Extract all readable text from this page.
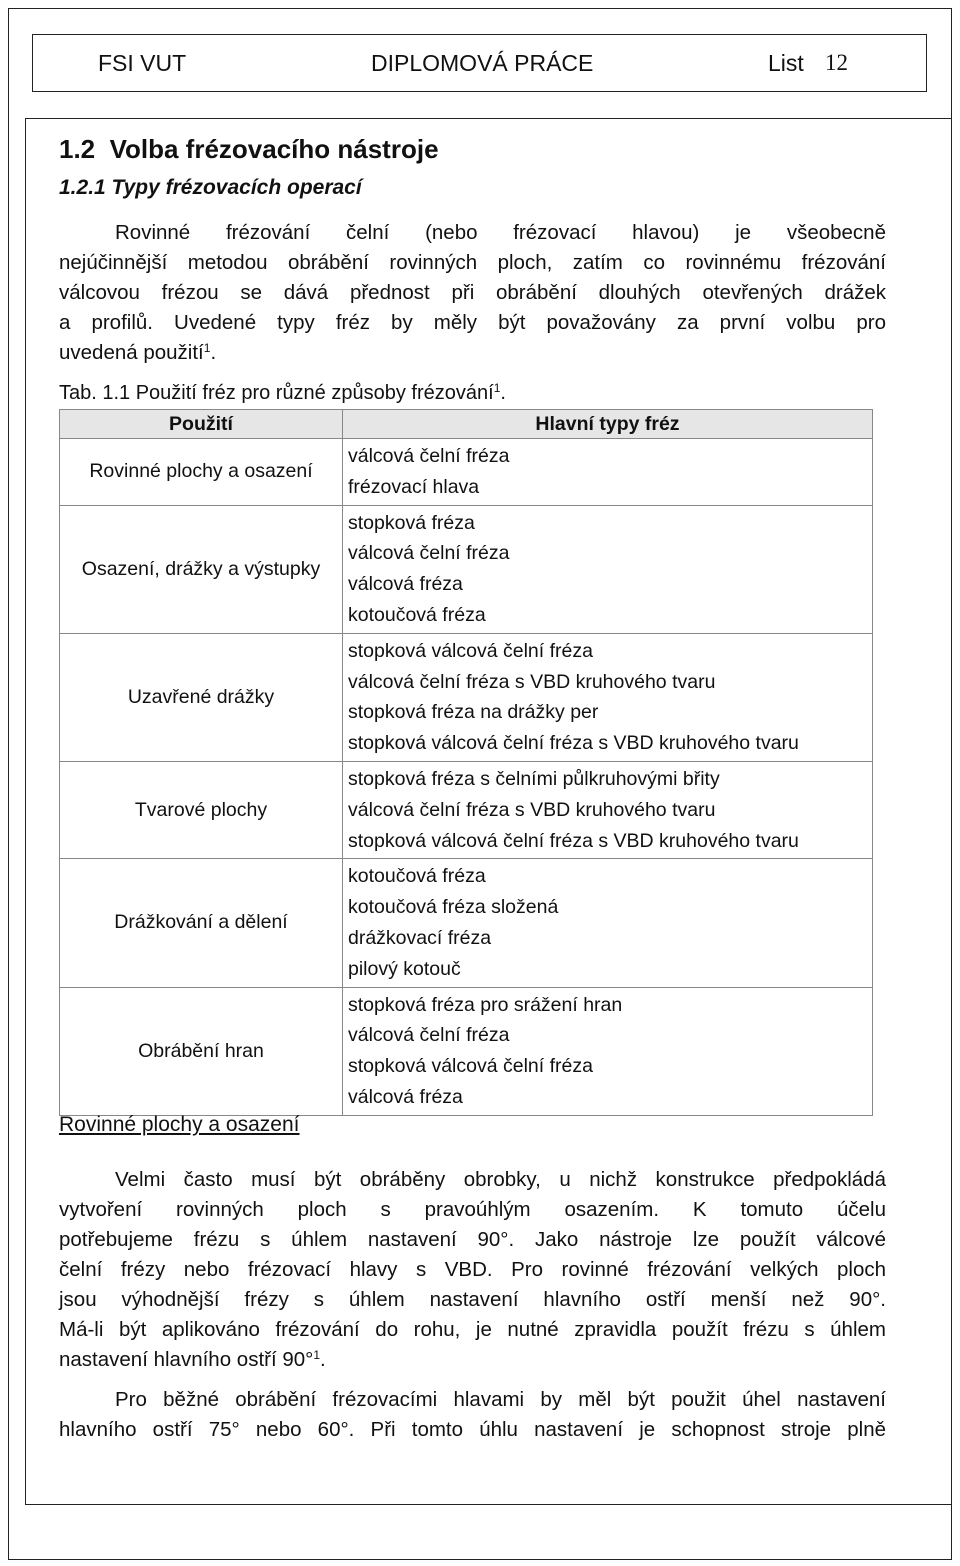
FSI VUT	DIPLOMOVÁ PRÁCE	List 12
1.2  Volba frézovacího nástroje
1.2.1 Typy frézovacích operací
Rovinné frézování čelní (nebo frézovací hlavou) je všeobecně
nejúčinnější metodou obrábění rovinných ploch, zatím co rovinnému frézování
válcovou frézou se dává přednost při obrábění dlouhých otevřených drážek
a profilů. Uvedené typy fréz by měly být považovány za první volbu pro
uvedená použití$^1$.
Tab. 1.1 Použití fréz pro různé způsoby frézování$^1$.
Použití	Hlavní typy fréz
Rovinné plochy a osazení	válcová čelní fréza
frézovací hlava

Osazení, drážky a výstupky	stopková fréza
válcová čelní fréza
válcová fréza
kotoučová fréza

Uzavřené drážky	stopková válcová čelní fréza
válcová čelní fréza s VBD kruhového tvaru
stopková fréza na drážky per
stopková válcová čelní fréza s VBD kruhového tvaru

Tvarové plochy	stopková fréza s čelními půlkruhovými břity
válcová čelní fréza s VBD kruhového tvaru
stopková válcová čelní fréza s VBD kruhového tvaru

Drážkování a dělení	kotoučová fréza
kotoučová fréza složená
drážkovací fréza
pilový kotouč

Obrábění hran	stopková fréza pro srážení hran
válcová čelní fréza
stopková válcová čelní fréza
válcová fréza
Rovinné plochy a osazení
Velmi často musí být obráběny obrobky, u nichž konstrukce předpokládá
vytvoření rovinných ploch s pravoúhlým osazením. K tomuto účelu
potřebujeme frézu s úhlem nastavení 90°. Jako nástroje lze použít válcové
čelní frézy nebo frézovací hlavy s VBD. Pro rovinné frézování velkých ploch
jsou výhodnější frézy s úhlem nastavení hlavního ostří menší než 90°.
Má-li být aplikováno frézování do rohu, je nutné zpravidla použít frézu s úhlem
nastavení hlavního ostří 90°$^1$.
Pro běžné obrábění frézovacími hlavami by měl být použit úhel nastavení
hlavního ostří 75° nebo 60°. Při tomto úhlu nastavení je schopnost stroje plně
